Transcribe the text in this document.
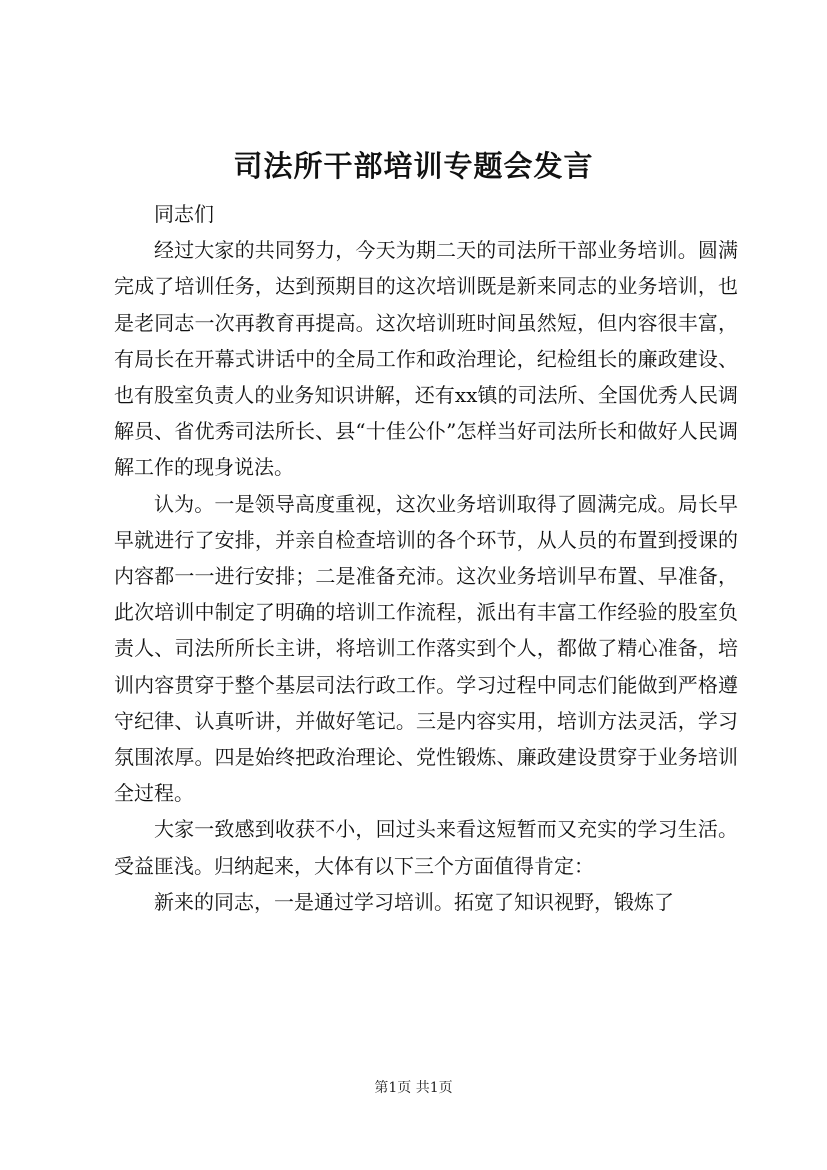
司法所干部培训专题会发言

同志们

经过大家的共同努力，今天为期二天的司法所干部业务培训。圆满完成了培训任务，达到预期目的这次培训既是新来同志的业务培训，也是老同志一次再教育再提高。这次培训班时间虽然短，但内容很丰富，有局长在开幕式讲话中的全局工作和政治理论，纪检组长的廉政建设、也有股室负责人的业务知识讲解，还有xx镇的司法所、全国优秀人民调解员、省优秀司法所长、县“十佳公仆”怎样当好司法所长和做好人民调解工作的现身说法。

认为。一是领导高度重视，这次业务培训取得了圆满完成。局长早早就进行了安排，并亲自检查培训的各个环节，从人员的布置到授课的内容都一一进行安排；二是准备充沛。这次业务培训早布置、早准备，此次培训中制定了明确的培训工作流程，派出有丰富工作经验的股室负责人、司法所所长主讲，将培训工作落实到个人，都做了精心准备，培训内容贯穿于整个基层司法行政工作。学习过程中同志们能做到严格遵守纪律、认真听讲，并做好笔记。三是内容实用，培训方法灵活，学习氛围浓厚。四是始终把政治理论、党性锻炼、廉政建设贯穿于业务培训全过程。

大家一致感到收获不小，回过头来看这短暂而又充实的学习生活。受益匪浅。归纳起来，大体有以下三个方面值得肯定：

新来的同志，一是通过学习培训。拓宽了知识视野，锻炼了

第1页 共1页
